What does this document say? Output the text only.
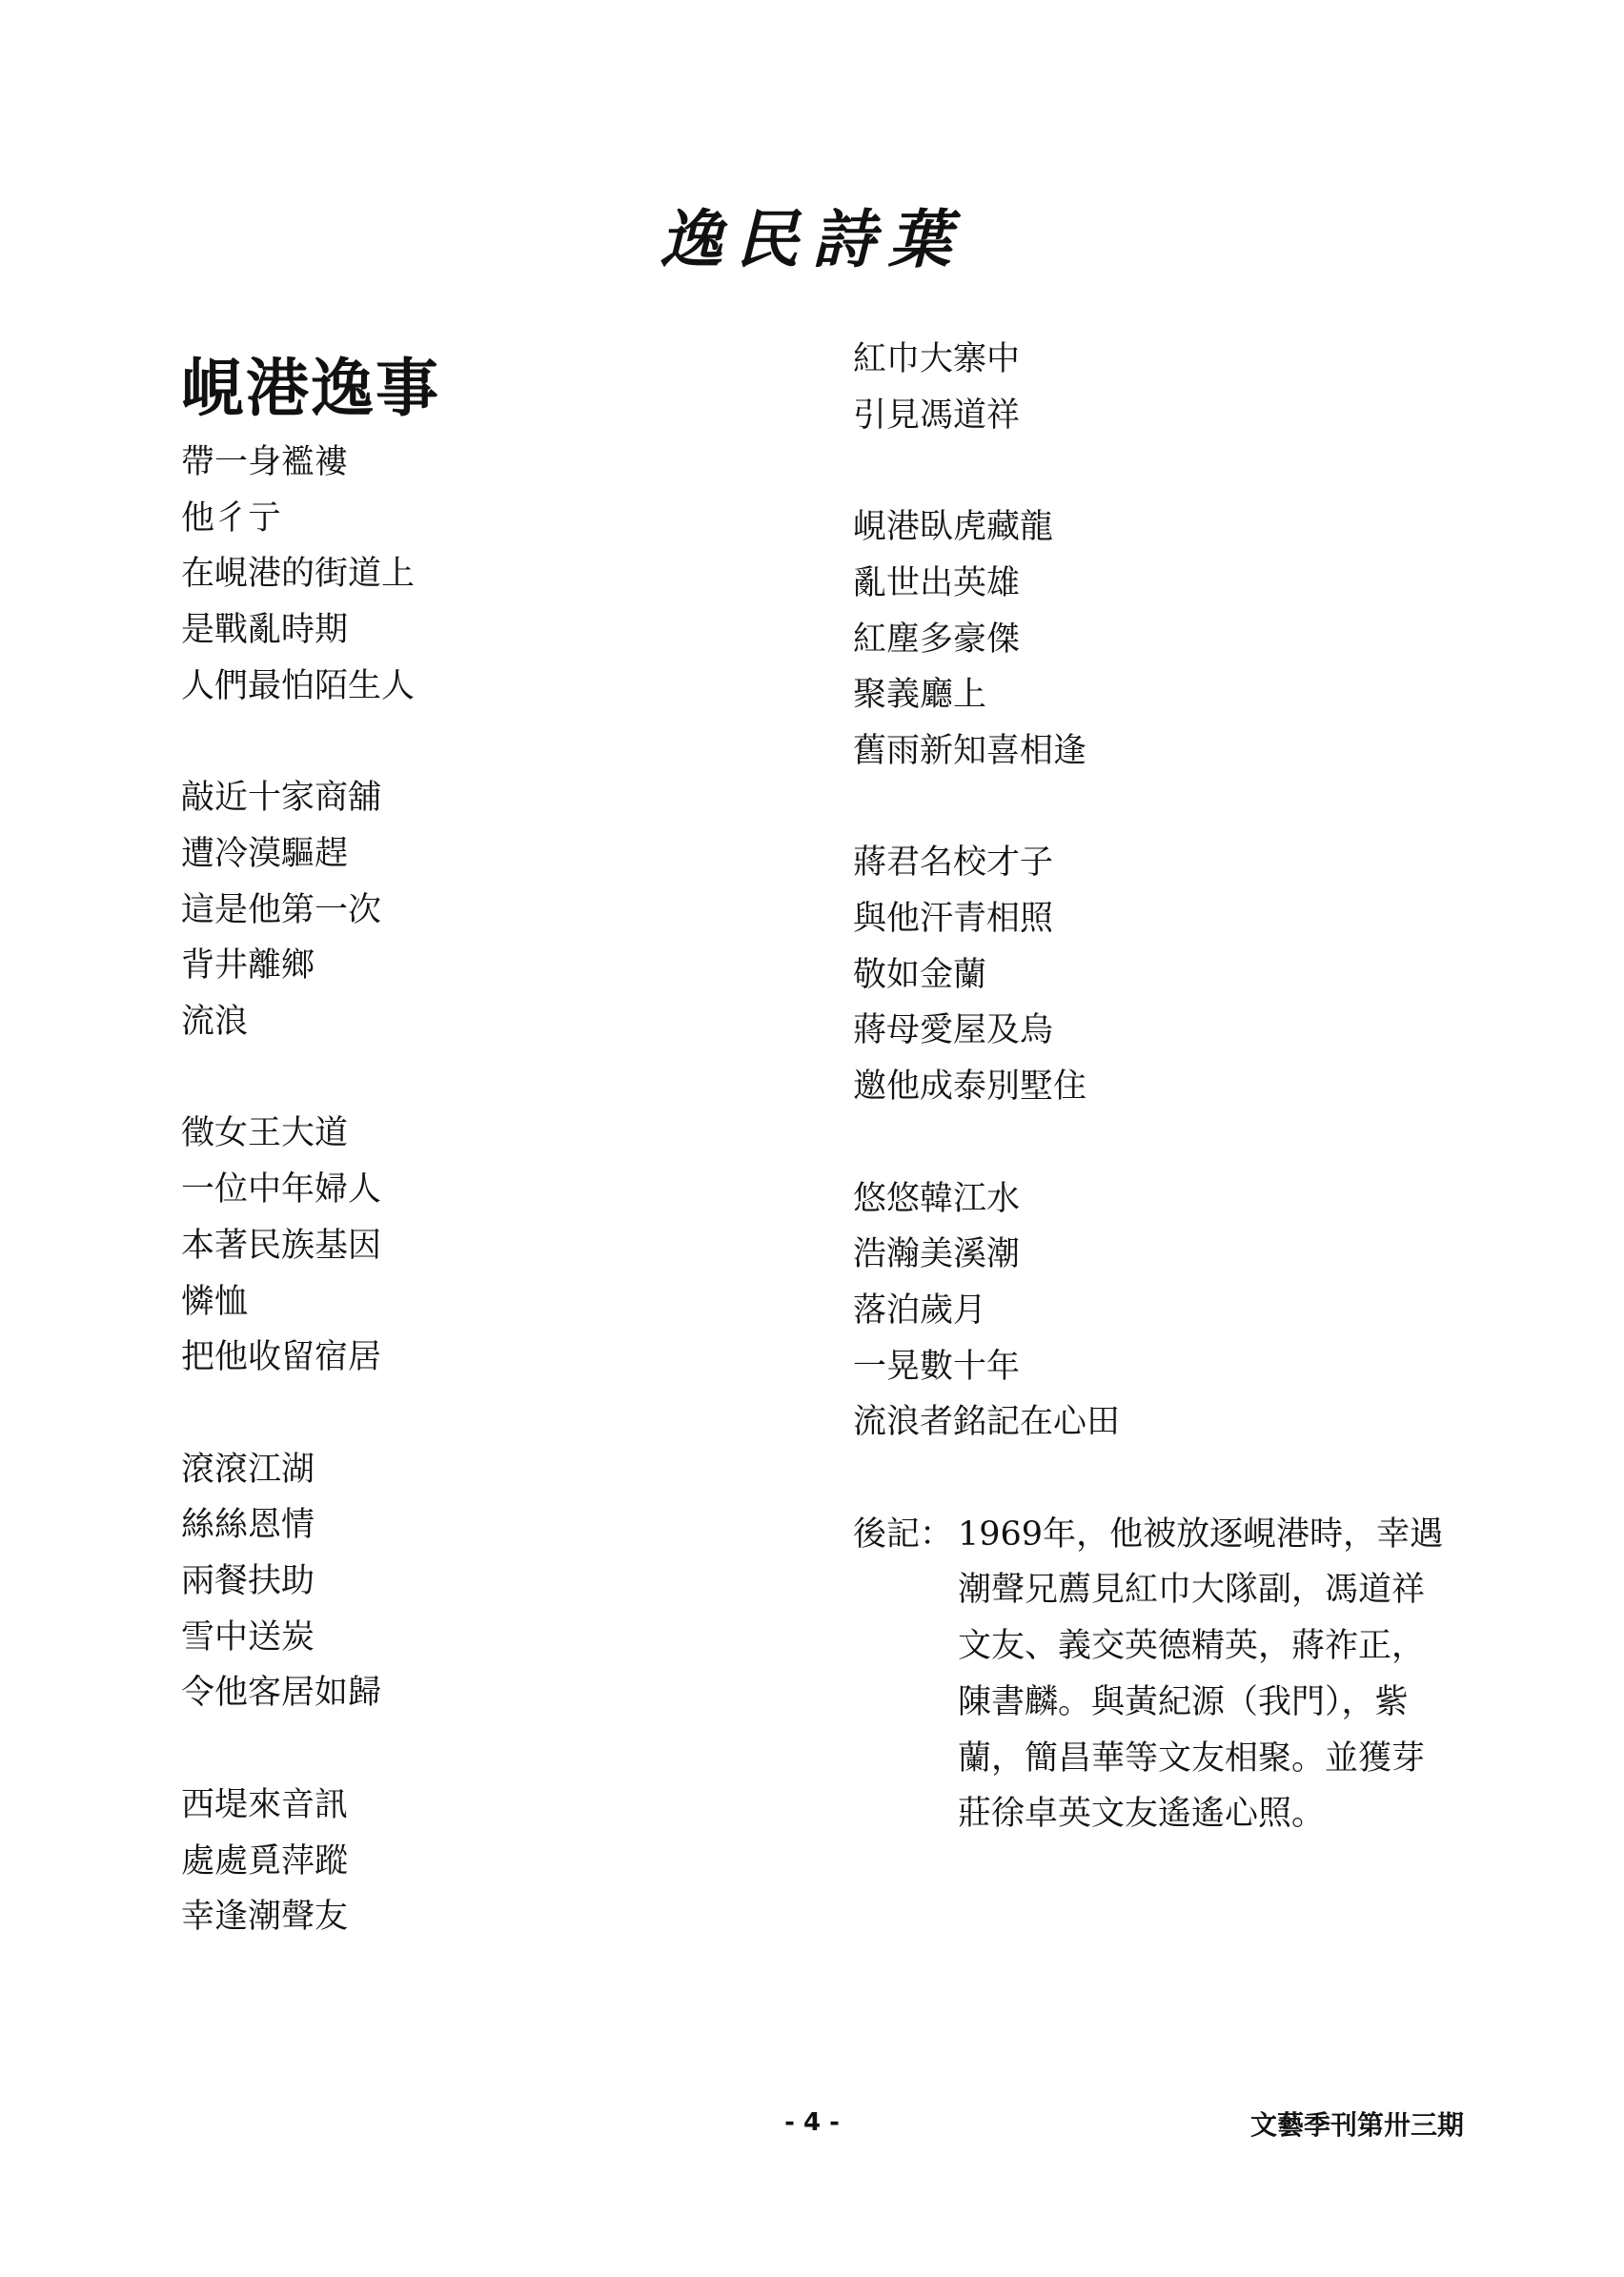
逸民詩葉
峴港逸事
帶一身襤褸
他彳亍
在峴港的街道上
是戰亂時期
人們最怕陌生人
敲近十家商舖
遭冷漠驅趕
這是他第一次
背井離鄉
流浪
徵女王大道
一位中年婦人
本著民族基因
憐恤
把他收留宿居
滾滾江湖
絲絲恩情
兩餐扶助
雪中送炭
令他客居如歸
西堤來音訊
處處覓萍蹤
幸逢潮聲友
紅巾大寨中
引見馮道祥
峴港臥虎藏龍
亂世出英雄
紅塵多豪傑
聚義廳上
舊雨新知喜相逢
蔣君名校才子
與他汗青相照
敬如金蘭
蔣母愛屋及烏
邀他成泰別墅住
悠悠韓江水
浩瀚美溪潮
落泊歲月
一晃數十年
流浪者銘記在心田
後記： 1969年，他被放逐峴港時，幸遇
潮聲兄薦見紅巾大隊副，馮道祥
文友、義交英德精英，蔣祚正，
陳書麟。與黃紀源（我門），紫
蘭，簡昌華等文友相聚。並獲芽
莊徐卓英文友遙遙心照。
- 4 -	文藝季刊第卅三期
